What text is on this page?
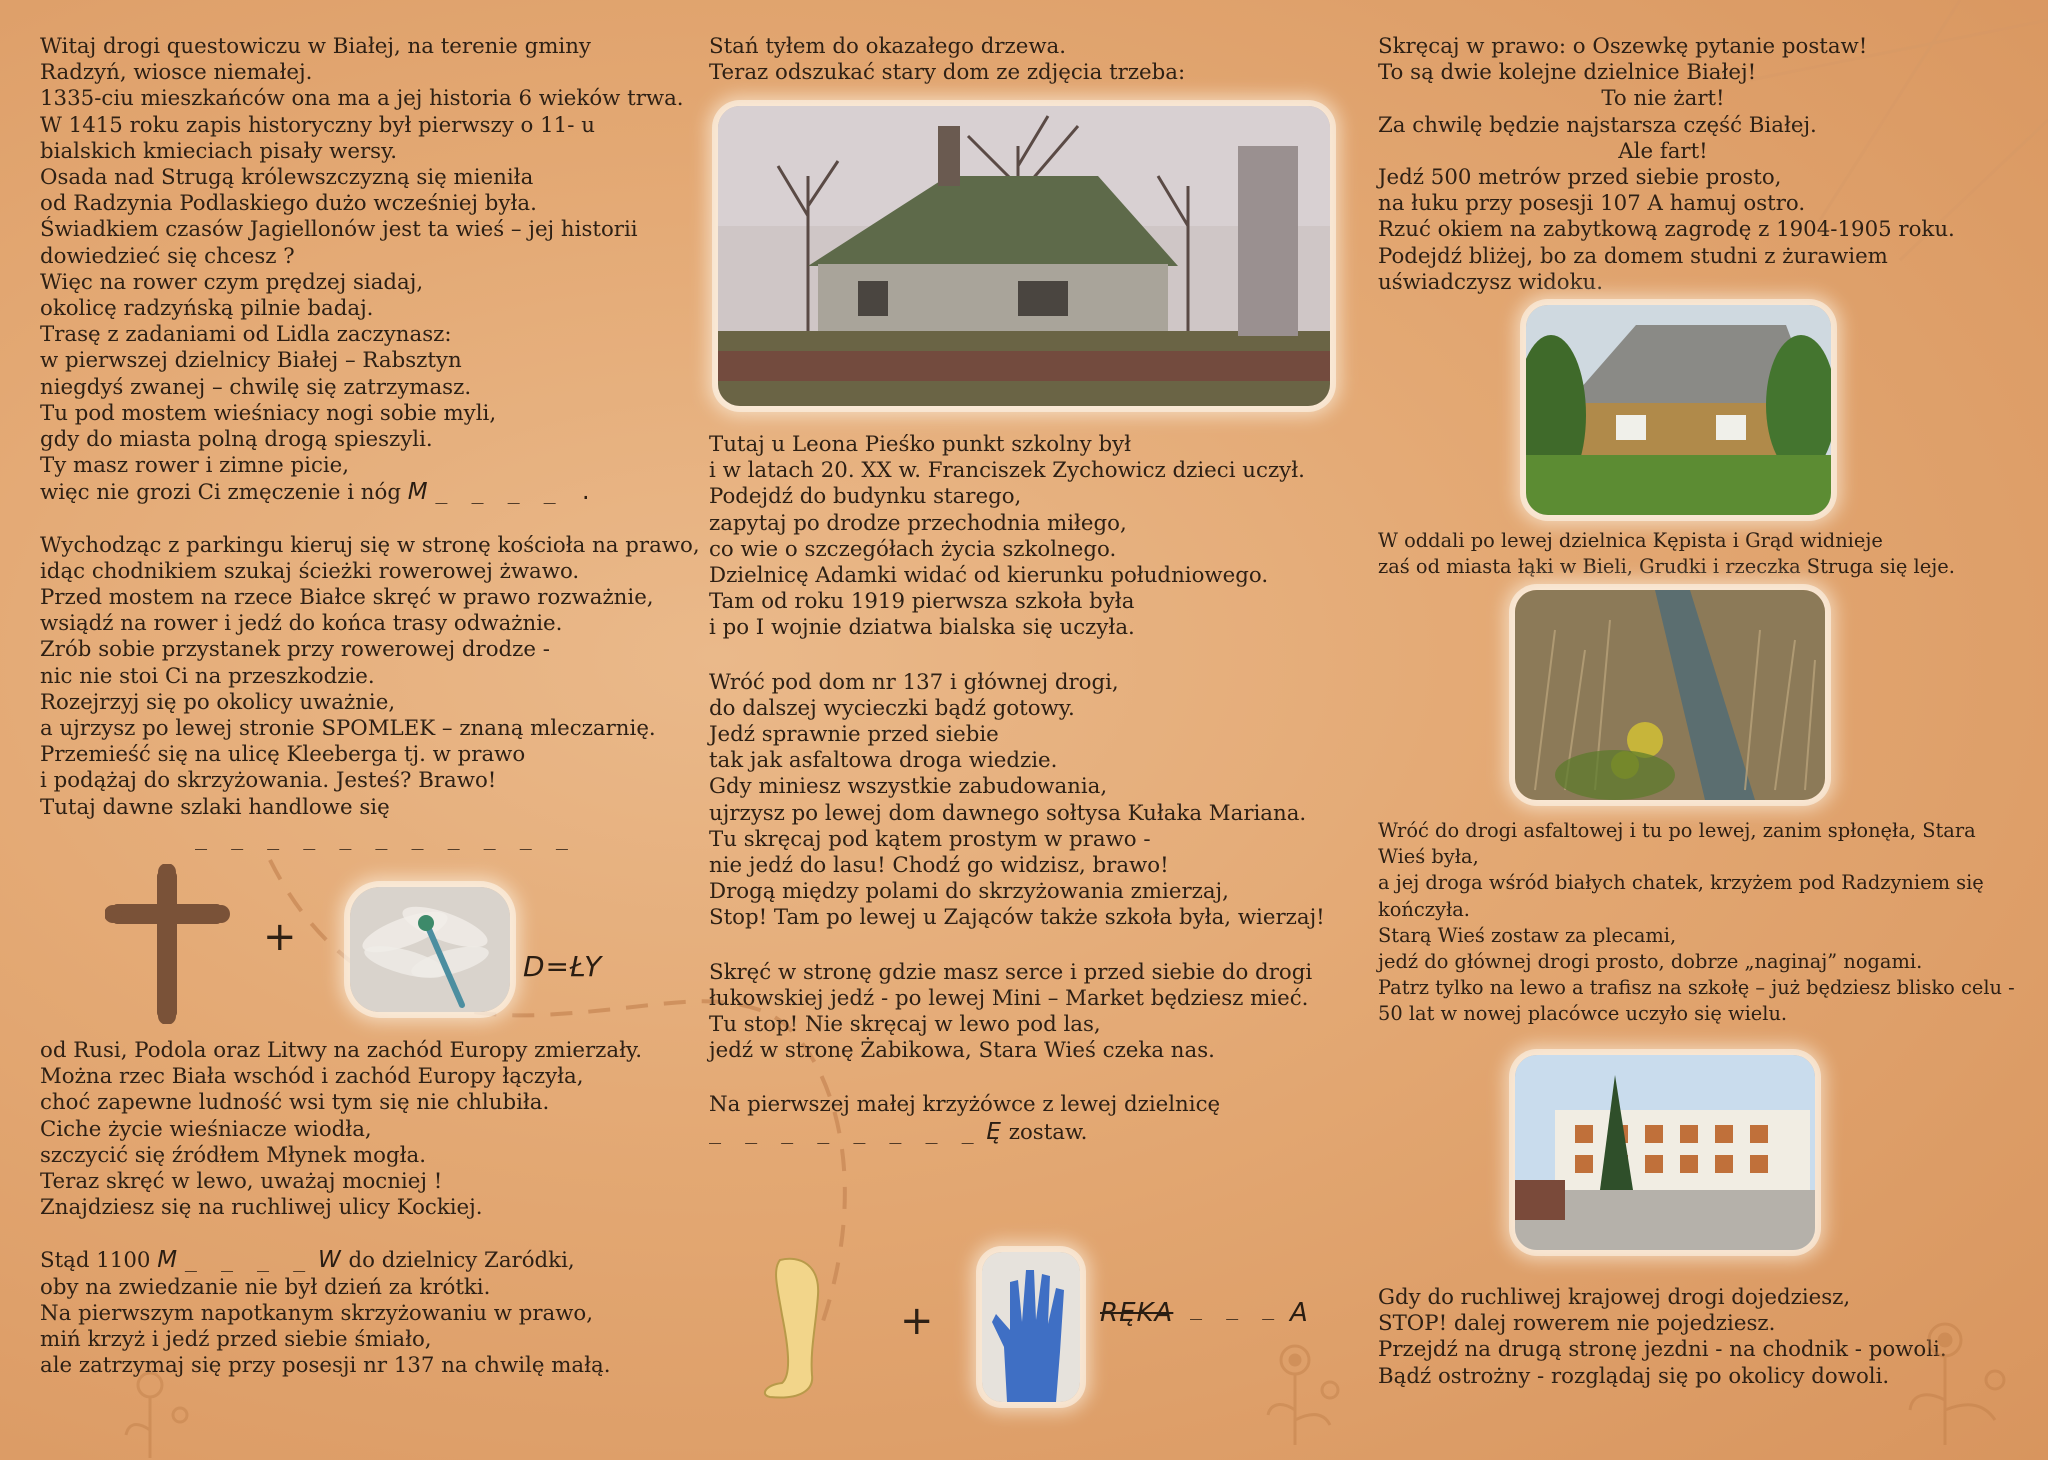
Witaj drogi questowiczu w Białej, na terenie gminy

Radzyń, wiosce niemałej.

1335-ciu mieszkańców ona ma a jej historia 6 wieków trwa.

W 1415 roku zapis historyczny był pierwszy o 11- u

bialskich kmieciach pisały wersy.

Osada nad Strugą królewszczyzną się mieniła

od Radzynia Podlaskiego dużo wcześniej była.

Świadkiem czasów Jagiellonów jest ta wieś – jej historii

dowiedzieć się chcesz ?

Więc na rower czym prędzej siadaj,

okolicę radzyńską pilnie badaj.

Trasę z zadaniami od Lidla zaczynasz:

w pierwszej dzielnicy Białej – Rabsztyn

niegdyś zwanej – chwilę się zatrzymasz.

Tu pod mostem wieśniacy nogi sobie myli,

gdy do miasta polną drogą spieszyli.

Ty masz rower i zimne picie,

więc nie grozi Ci zmęczenie i nóg M _ _ _ _ .

Wychodząc z parkingu kieruj się w stronę kościoła na prawo,

idąc chodnikiem szukaj ścieżki rowerowej żwawo.

Przed mostem na rzece Białce skręć w prawo rozważnie,

wsiądź na rower i jedź do końca trasy odważnie.

Zrób sobie przystanek przy rowerowej drodze -

nic nie stoi Ci na przeszkodzie.

Rozejrzyj się po okolicy uważnie,

a ujrzysz po lewej stronie SPOMLEK – znaną mleczarnię.

Przemieść się na ulicę Kleeberga tj. w prawo

i podążaj do skrzyżowania. Jesteś? Brawo!

Tutaj dawne szlaki handlowe się

_ _ _ _ _ _ _ _ _ _ _

+
D=ŁY

od Rusi, Podola oraz Litwy na zachód Europy zmierzały.

Można rzec Biała wschód i zachód Europy łączyła,

choć zapewne ludność wsi tym się nie chlubiła.

Ciche życie wieśniacze wiodła,

szczycić się źródłem Młynek mogła.

Teraz skręć w lewo, uważaj mocniej !

Znajdziesz się na ruchliwej ulicy Kockiej.

Stąd 1100 M _ _ _ _ W do dzielnicy Zaródki,

oby na zwiedzanie nie był dzień za krótki.

Na pierwszym napotkanym skrzyżowaniu w prawo,

miń krzyż i jedź przed siebie śmiało,

ale zatrzymaj się przy posesji nr 137 na chwilę małą.

Stań tyłem do okazałego drzewa.

Teraz odszukać stary dom ze zdjęcia trzeba:

Tutaj u Leona Pieśko punkt szkolny był

i w latach 20. XX w. Franciszek Zychowicz dzieci uczył.

Podejdź do budynku starego,

zapytaj po drodze przechodnia miłego,

co wie o szczegółach życia szkolnego.

Dzielnicę Adamki widać od kierunku południowego.

Tam od roku 1919 pierwsza szkoła była

i po I wojnie dziatwa bialska się uczyła.

Wróć pod dom nr 137 i głównej drogi,

do dalszej wycieczki bądź gotowy.

Jedź sprawnie przed siebie

tak jak asfaltowa droga wiedzie.

Gdy miniesz wszystkie zabudowania,

ujrzysz po lewej dom dawnego sołtysa Kułaka Mariana.

Tu skręcaj pod kątem prostym w prawo -

nie jedź do lasu! Chodź go widzisz, brawo!

Drogą między polami do skrzyżowania zmierzaj,

Stop! Tam po lewej u Zająców także szkoła była, wierzaj!

Skręć w stronę gdzie masz serce i przed siebie do drogi

łukowskiej jedź - po lewej Mini – Market będziesz mieć.

Tu stop! Nie skręcaj w lewo pod las,

jedź w stronę Żabikowa, Stara Wieś czeka nas.

Na pierwszej małej krzyżówce z lewej dzielnicę

_ _ _ _ _ _ _ _ Ę zostaw.

+	RĘKA _ _ _ A

Skręcaj w prawo: o Oszewkę pytanie postaw!

To są dwie kolejne dzielnice Białej!

To nie żart!

Za chwilę będzie najstarsza część Białej.

Ale fart!

Jedź 500 metrów przed siebie prosto,

na łuku przy posesji 107 A hamuj ostro.

Rzuć okiem na zabytkową zagrodę z 1904-1905 roku.

Podejdź bliżej, bo za domem studni z żurawiem

uświadczysz widoku.

W oddali po lewej dzielnica Kępista i Grąd widnieje

zaś od miasta łąki w Bieli, Grudki i rzeczka Struga się leje.

Wróć do drogi asfaltowej i tu po lewej, zanim spłonęła, Stara

Wieś była,

a jej droga wśród białych chatek, krzyżem pod Radzyniem się

kończyła.

Starą Wieś zostaw za plecami,

jedź do głównej drogi prosto, dobrze „naginaj” nogami.

Patrz tylko na lewo a trafisz na szkołę – już będziesz blisko celu -

50 lat w nowej placówce uczyło się wielu.

Gdy do ruchliwej krajowej drogi dojedziesz,

STOP! dalej rowerem nie pojedziesz.

Przejdź na drugą stronę jezdni - na chodnik - powoli.

Bądź ostrożny - rozglądaj się po okolicy dowoli.
